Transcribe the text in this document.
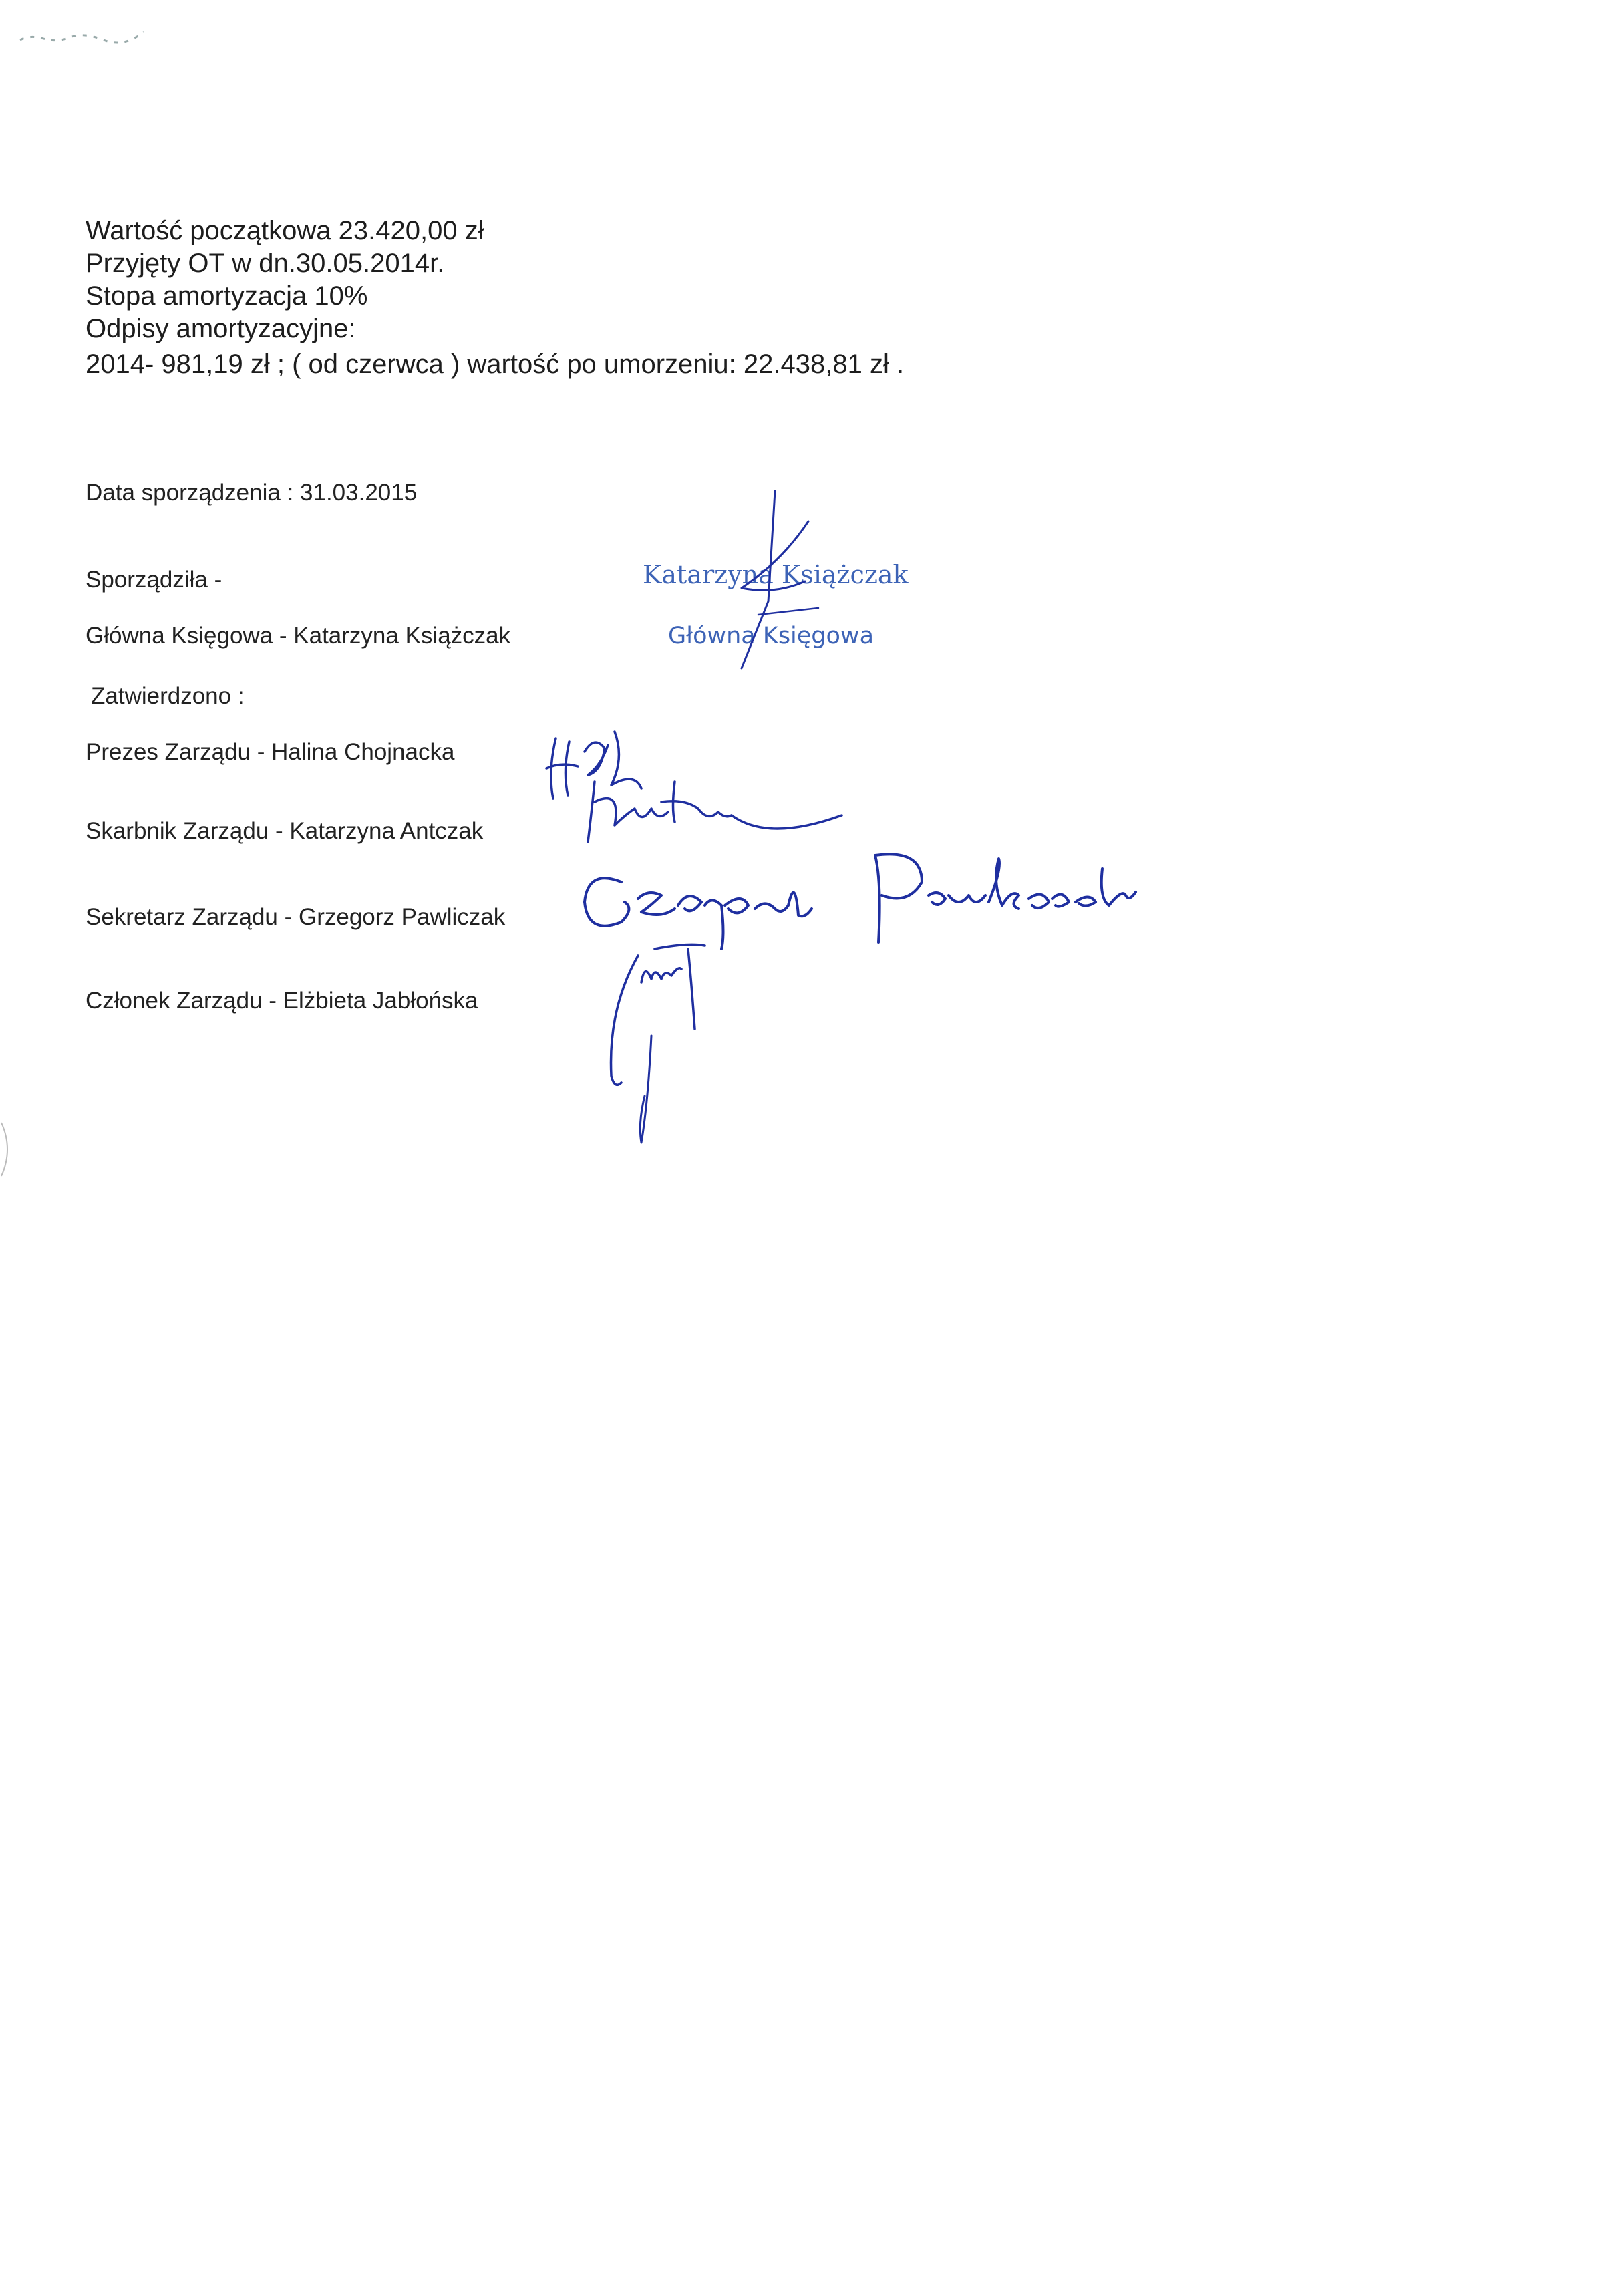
Wartość początkowa 23.420,00 zł

Przyjęty OT w dn.30.05.2014r.

Stopa amortyzacja 10%

Odpisy amortyzacyjne:

2014- 981,19 zł ; ( od czerwca ) wartość po umorzeniu: 22.438,81 zł .

Data sporządzenia : 31.03.2015

Sporządziła -

Główna Księgowa - Katarzyna Książczak

Zatwierdzono :

Prezes Zarządu - Halina Chojnacka

Skarbnik Zarządu - Katarzyna Antczak

Sekretarz Zarządu - Grzegorz Pawliczak

Członek Zarządu - Elżbieta Jabłońska

Katarzyna Książczak
Główna Księgowa
